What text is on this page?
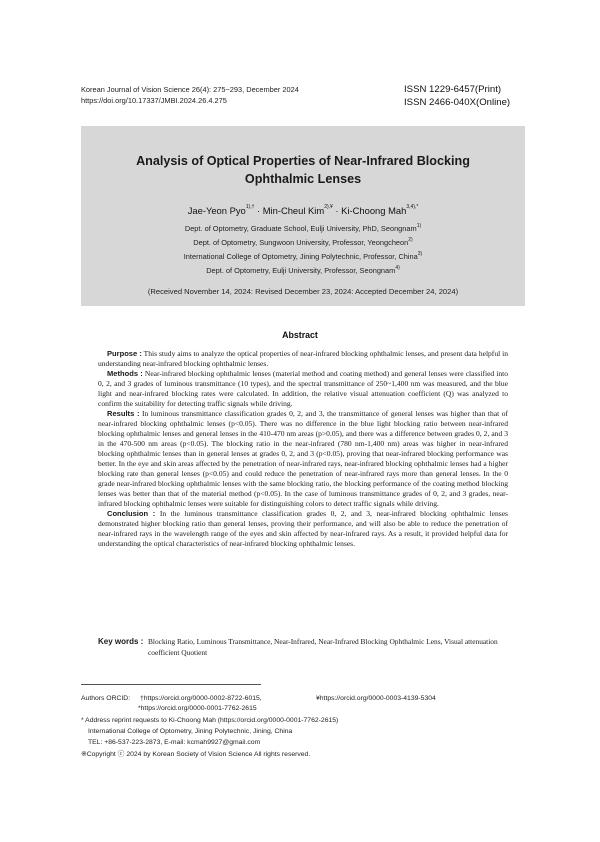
Korean Journal of Vision Science 26(4): 275~293, December 2024
https://doi.org/10.17337/JMBI.2024.26.4.275
ISSN 1229-6457(Print)
ISSN 2466-040X(Online)
Analysis of Optical Properties of Near-Infrared Blocking
Ophthalmic Lenses
Jae-Yeon Pyo$^{1),\dagger}$ · Min-Cheul Kim$^{2),¥}$ · Ki-Choong Mah$^{3,4),*}$
Dept. of Optometry, Graduate School, Eulji University, PhD, Seongnam$^{1)}$
Dept. of Optometry, Sungwoon University, Professor, Yeongcheon$^{2)}$
International College of Optometry, Jining Polytechnic, Professor, China$^{3)}$
Dept. of Optometry, Eulji University, Professor, Seongnam$^{4)}$
(Received November 14, 2024: Revised December 23, 2024: Accepted December 24, 2024)
Abstract

Purpose : This study aims to analyze the optical properties of near-infrared blocking ophthalmic lenses, and present data helpful in understanding near-infrared blocking ophthalmic lenses.

Methods : Near-infrared blocking ophthalmic lenses (material method and coating method) and general lenses were classified into 0, 2, and 3 grades of luminous transmittance (10 types), and the spectral transmittance of 250~1,400 nm was measured, and the blue light and near-infrared blocking rates were calculated. In addition, the relative visual attenuation coefficient (Q) was analyzed to confirm the suitability for detecting traffic signals while driving.

Results : In luminous transmittance classification grades 0, 2, and 3, the transmittance of general lenses was higher than that of near-infrared blocking ophthalmic lenses (p<0.05). There was no difference in the blue light blocking ratio between near-infrared blocking ophthalmic lenses and general lenses in the 410-470 nm areas (p>0.05), and there was a difference between grades 0, 2, and 3 in the 470-500 nm areas (p<0.05). The blocking ratio in the near-infrared (780 nm-1,400 nm) areas was higher in near-infrared blocking ophthalmic lenses than in general lenses at grades 0, 2, and 3 (p<0.05), proving that near-infrared blocking performance was better. In the eye and skin areas affected by the penetration of near-infrared rays, near-infrared blocking ophthalmic lenses had a higher blocking rate than general lenses (p<0.05) and could reduce the penetration of near-infrared rays more than general lenses. In the 0 grade near-infrared blocking ophthalmic lenses with the same blocking ratio, the blocking performance of the coating method blocking lenses was better than that of the material method (p<0.05). In the case of luminous transmittance grades of 0, 2, and 3 grades, near-infrared blocking ophthalmic lenses were suitable for distinguishing colors to detect traffic signals while driving.

Conclusion : In the luminous transmittance classification grades 0, 2, and 3, near-infrared blocking ophthalmic lenses demonstrated higher blocking ratio than general lenses, proving their performance, and will also be able to reduce the penetration of near-infrared rays in the wavelength range of the eyes and skin affected by near-infrared rays. As a result, it provided helpful data for understanding the optical characteristics of near-infrared blocking ophthalmic lenses.

Key words : Blocking Ratio, Luminous Transmittance, Near-Infrared, Near-Infrared Blocking Ophthalmic Lens, Visual attenuation coefficient Quotient
Authors ORCID: †https://orcid.org/0000-0002-8722-6015,	¥https://orcid.org/0000-0003-4139-5304
*https://orcid.org/0000-0001-7762-2615
* Address reprint requests to Ki-Choong Mah (https://orcid.org/0000-0001-7762-2615)
International College of Optometry, Jining Polytechnic, Jining, China
TEL: +86-537-223-2873, E-mail: kcmah9927@gmail.com
※Copyright ⓒ 2024 by Korean Society of Vision Science All rights reserved.
